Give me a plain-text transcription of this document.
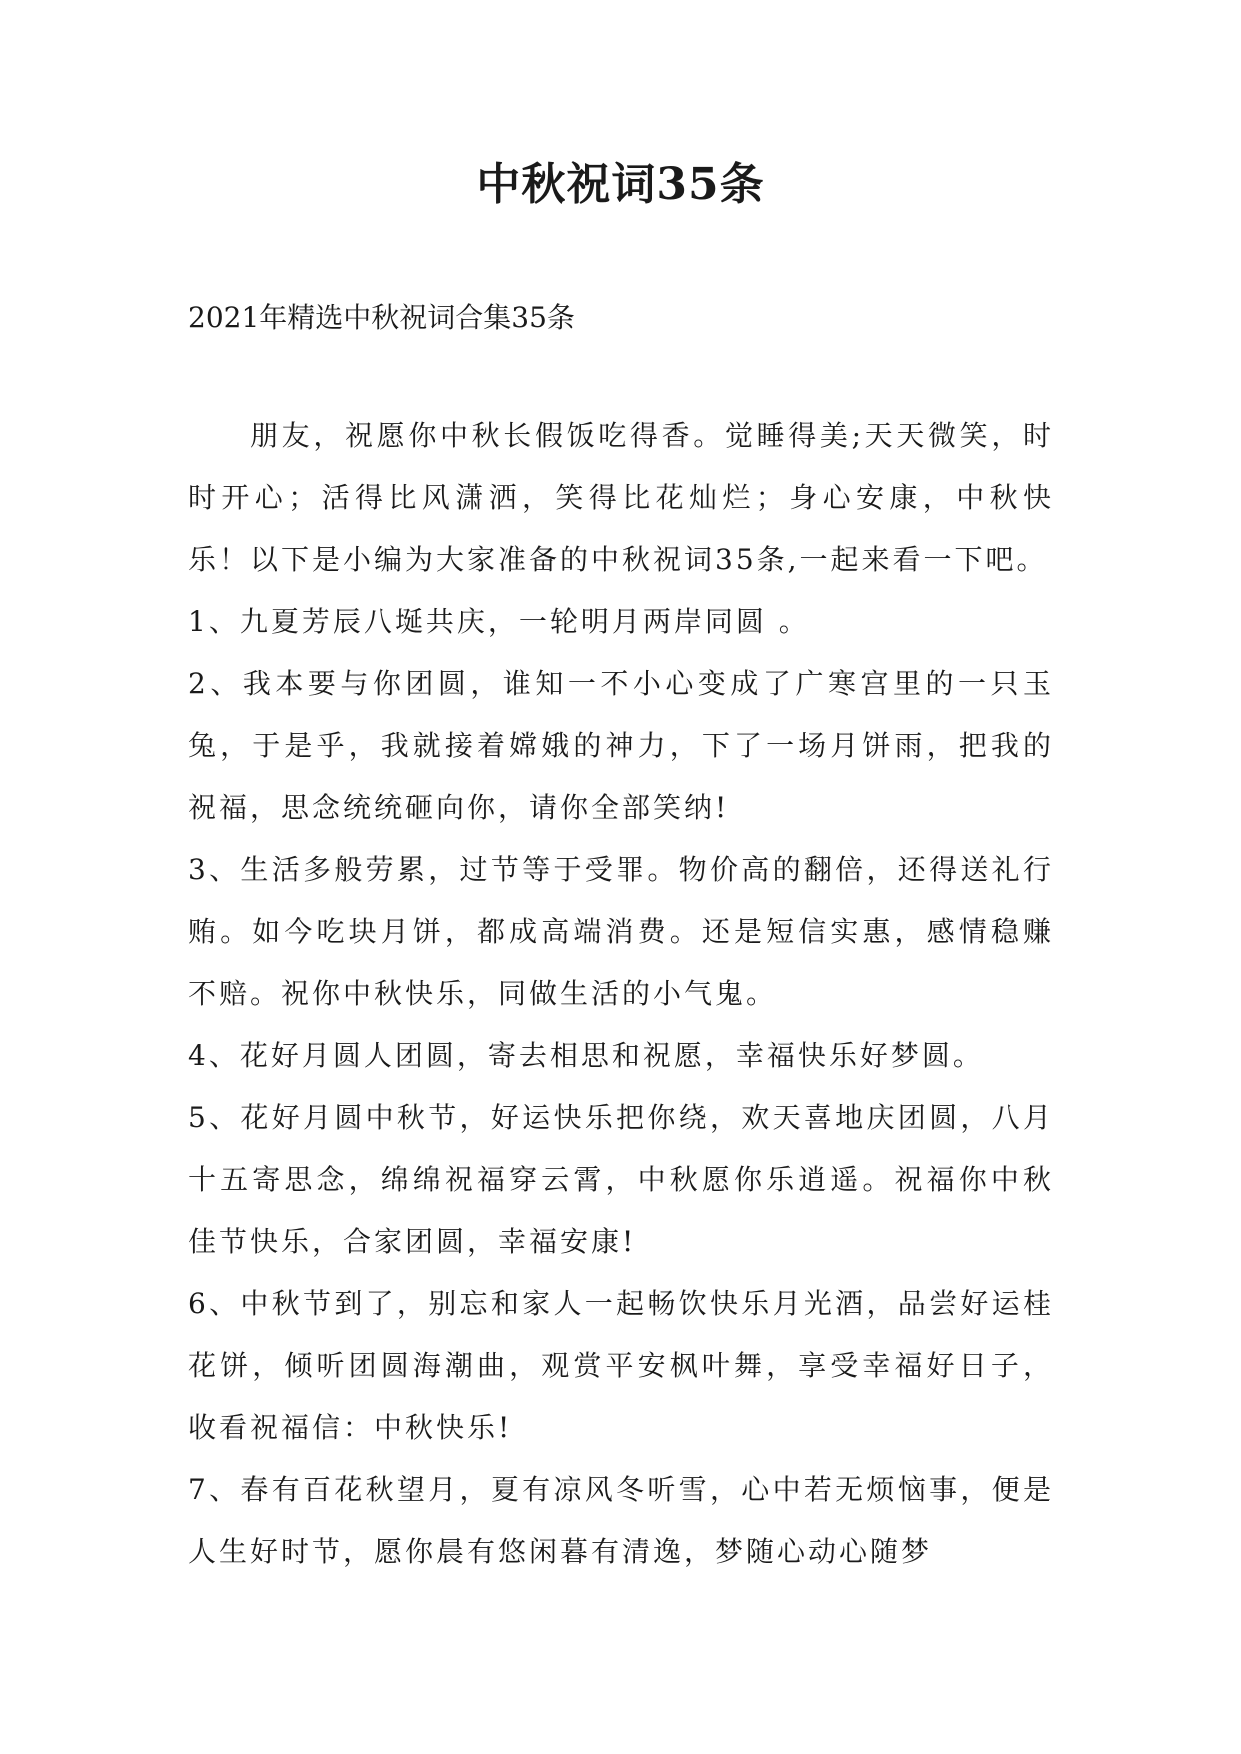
中秋祝词35条
2021年精选中秋祝词合集35条

朋友，祝愿你中秋长假饭吃得香。觉睡得美;天天微笑，时时开心；活得比风潇洒，笑得比花灿烂；身心安康，中秋快乐！以下是小编为大家准备的中秋祝词35条,一起来看一下吧。

1、九夏芳辰八埏共庆，一轮明月两岸同圆 。

2、我本要与你团圆，谁知一不小心变成了广寒宫里的一只玉兔，于是乎，我就接着嫦娥的神力，下了一场月饼雨，把我的祝福，思念统统砸向你，请你全部笑纳!

3、生活多般劳累，过节等于受罪。物价高的翻倍，还得送礼行贿。如今吃块月饼，都成高端消费。还是短信实惠，感情稳赚不赔。祝你中秋快乐，同做生活的小气鬼。

4、花好月圆人团圆，寄去相思和祝愿，幸福快乐好梦圆。

5、花好月圆中秋节，好运快乐把你绕，欢天喜地庆团圆，八月十五寄思念，绵绵祝福穿云霄，中秋愿你乐逍遥。祝福你中秋佳节快乐，合家团圆，幸福安康!

6、中秋节到了，别忘和家人一起畅饮快乐月光酒，品尝好运桂花饼，倾听团圆海潮曲，观赏平安枫叶舞，享受幸福好日子，收看祝福信：中秋快乐!

7、春有百花秋望月，夏有凉风冬听雪，心中若无烦恼事，便是人生好时节，愿你晨有悠闲暮有清逸，梦随心动心随梦
